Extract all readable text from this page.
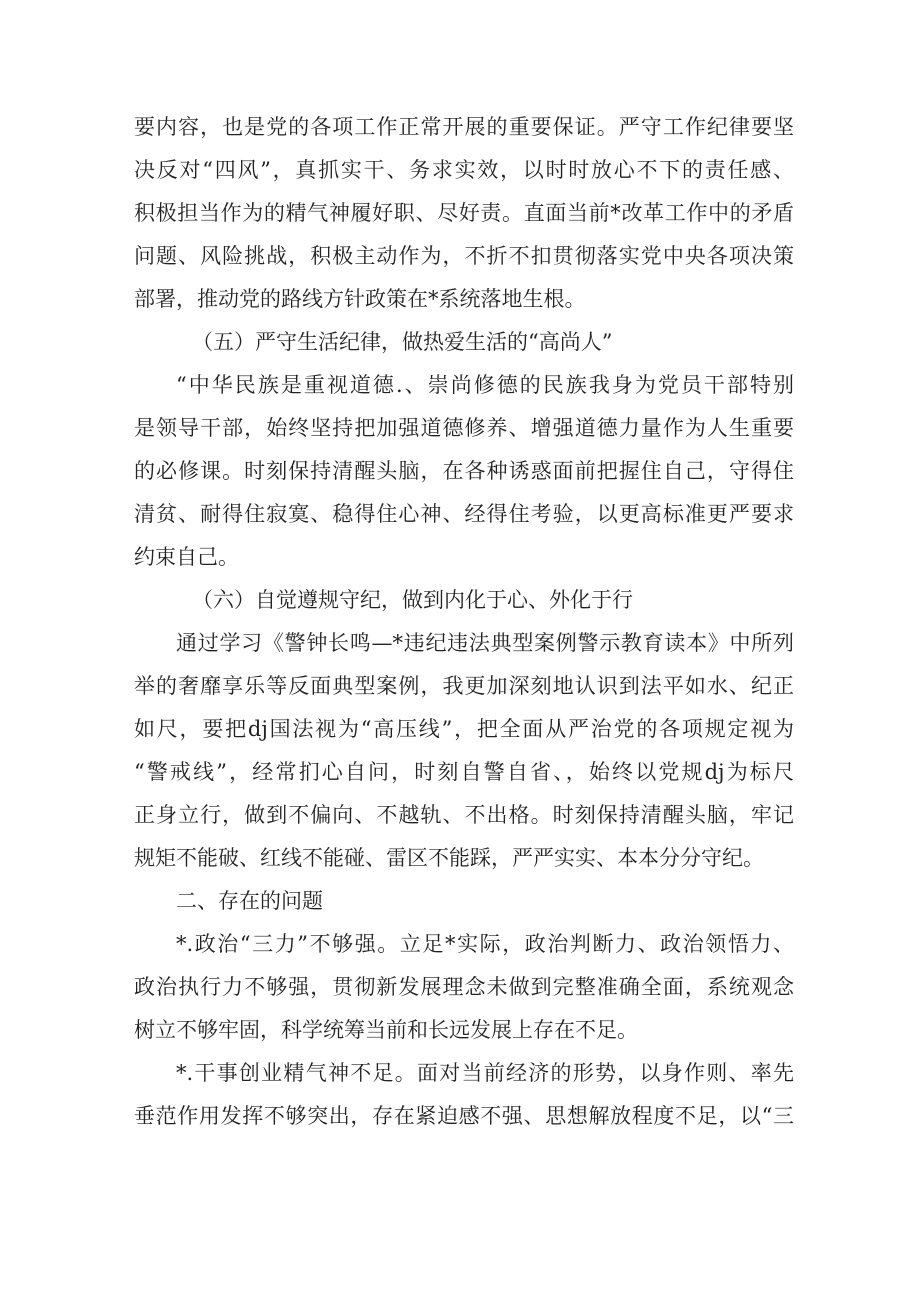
要内容，也是党的各项工作正常开展的重要保证。严守工作纪律要坚
决反对“四风”，真抓实干、务求实效，以时时放心不下的责任感、
积极担当作为的精气神履好职、尽好责。直面当前*改革工作中的矛盾
问题、风险挑战，积极主动作为，不折不扣贯彻落实党中央各项决策
部署，推动党的路线方针政策在*系统落地生根。
（五）严守生活纪律，做热爱生活的“高尚人”
“中华民族是重视道德.、崇尚修德的民族我身为党员干部特别
是领导干部，始终坚持把加强道德修养、增强道德力量作为人生重要
的必修课。时刻保持清醒头脑，在各种诱惑面前把握住自己，守得住
清贫、耐得住寂寞、稳得住心神、经得住考验，以更高标准更严要求
约束自己。
（六）自觉遵规守纪，做到内化于心、外化于行
通过学习《警钟长鸣—*违纪违法典型案例警示教育读本》中所列
举的奢靡享乐等反面典型案例，我更加深刻地认识到法平如水、纪正
如尺，要把dj国法视为“高压线”，把全面从严治党的各项规定视为
“警戒线”，经常扪心自问，时刻自警自省、，始终以党规dj为标尺
正身立行，做到不偏向、不越轨、不出格。时刻保持清醒头脑，牢记
规矩不能破、红线不能碰、雷区不能踩，严严实实、本本分分守纪。
二、存在的问题
*.政治“三力”不够强。立足*实际，政治判断力、政治领悟力、
政治执行力不够强，贯彻新发展理念未做到完整准确全面，系统观念
树立不够牢固，科学统筹当前和长远发展上存在不足。
*.干事创业精气神不足。面对当前经济的形势，以身作则、率先
垂范作用发挥不够突出，存在紧迫感不强、思想解放程度不足，以“三
